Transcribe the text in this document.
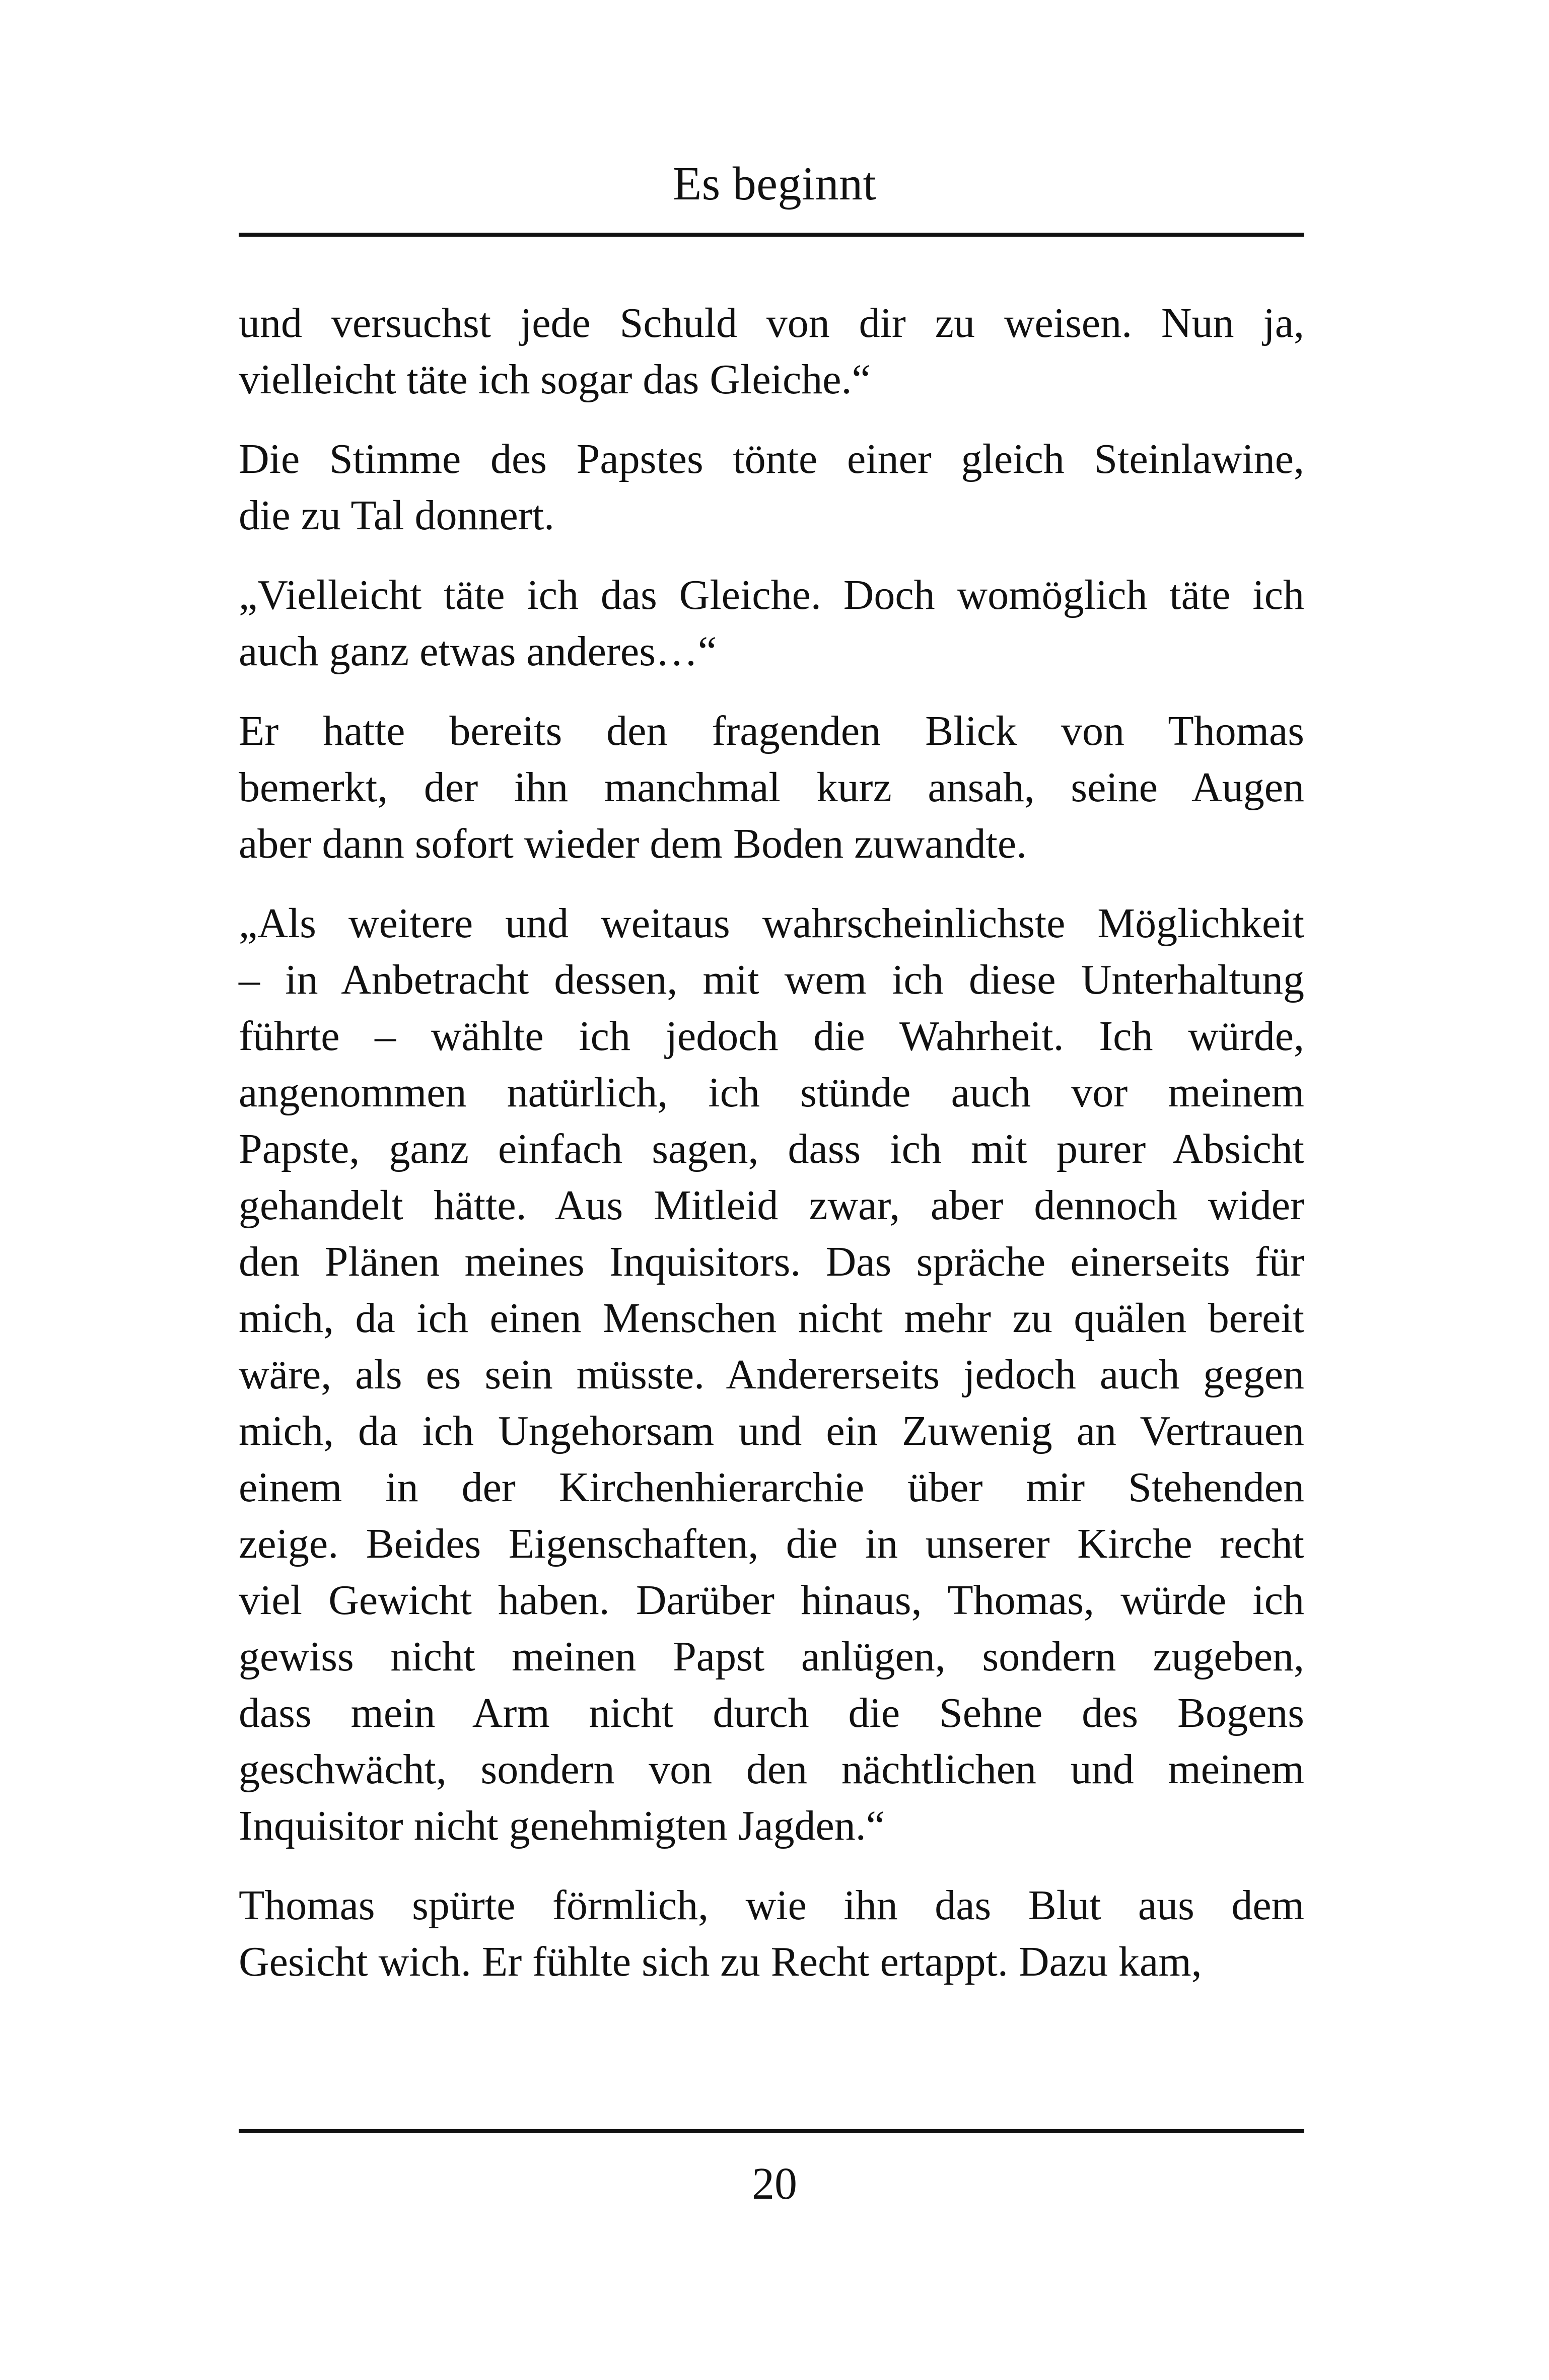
Es beginnt

und versuchst jede Schuld von dir zu weisen. Nun ja,
vielleicht täte ich sogar das Gleiche.“

Die Stimme des Papstes tönte einer gleich Steinlawine,
die zu Tal donnert.

„Vielleicht täte ich das Gleiche. Doch womöglich täte ich
auch ganz etwas anderes…“

Er hatte bereits den fragenden Blick von Thomas
bemerkt, der ihn manchmal kurz ansah, seine Augen
aber dann sofort wieder dem Boden zuwandte.

„Als weitere und weitaus wahrscheinlichste Möglichkeit
– in Anbetracht dessen, mit wem ich diese Unterhaltung
führte – wählte ich jedoch die Wahrheit. Ich würde,
angenommen natürlich, ich stünde auch vor meinem
Papste, ganz einfach sagen, dass ich mit purer Absicht
gehandelt hätte. Aus Mitleid zwar, aber dennoch wider
den Plänen meines Inquisitors. Das spräche einerseits für
mich, da ich einen Menschen nicht mehr zu quälen bereit
wäre, als es sein müsste. Andererseits jedoch auch gegen
mich, da ich Ungehorsam und ein Zuwenig an Vertrauen
einem in der Kirchenhierarchie über mir Stehenden
zeige. Beides Eigenschaften, die in unserer Kirche recht
viel Gewicht haben. Darüber hinaus, Thomas, würde ich
gewiss nicht meinen Papst anlügen, sondern zugeben,
dass mein Arm nicht durch die Sehne des Bogens
geschwächt, sondern von den nächtlichen und meinem
Inquisitor nicht genehmigten Jagden.“

Thomas spürte förmlich, wie ihn das Blut aus dem
Gesicht wich. Er fühlte sich zu Recht ertappt. Dazu kam,

20
